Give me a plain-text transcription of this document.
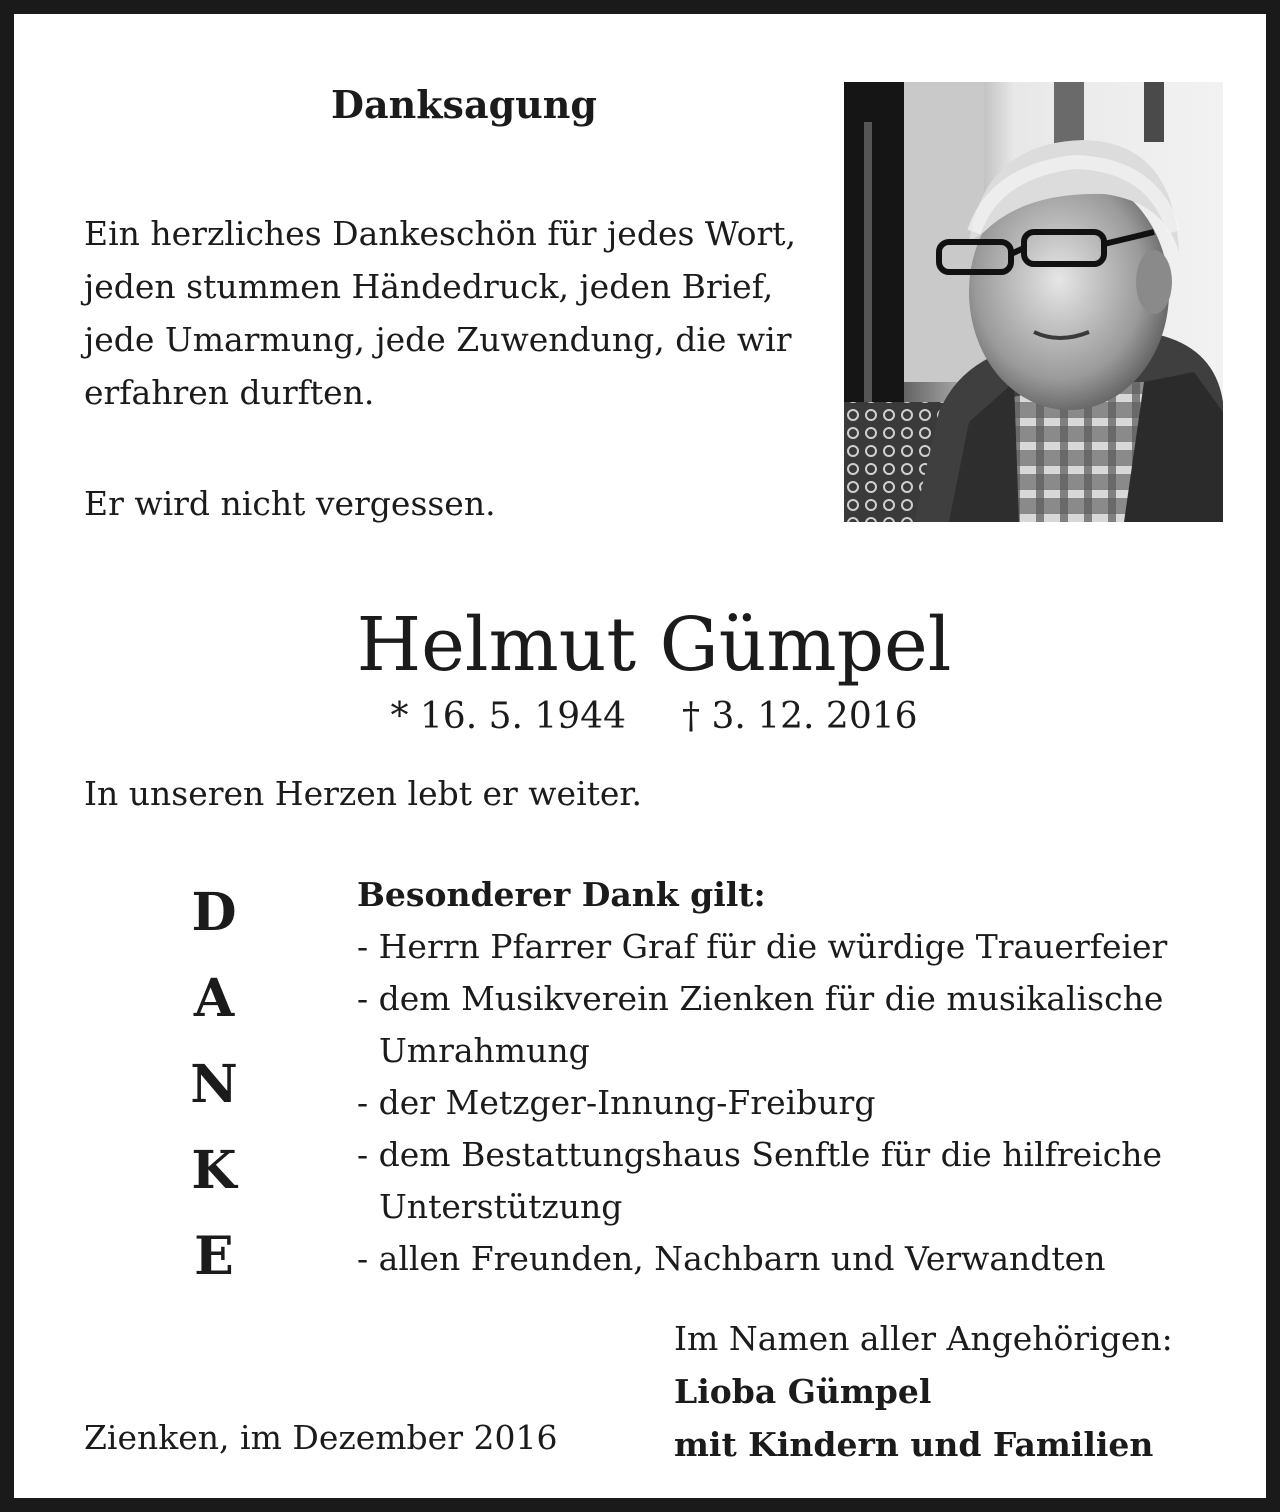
Danksagung
Ein herzliches Dankeschön für jedes Wort,
jeden stummen Händedruck, jeden Brief,
jede Umarmung, jede Zuwendung, die wir
erfahren durften.
Er wird nicht vergessen.
Helmut Gümpel
* 16. 5. 1944 † 3. 12. 2016
In unseren Herzen lebt er weiter.
D
A
N
K
E
Besonderer Dank gilt:
- Herrn Pfarrer Graf für die würdige Trauerfeier
- dem Musikverein Zienken für die musikalische Umrahmung
- der Metzger-Innung-Freiburg
- dem Bestattungshaus Senftle für die hilfreiche Unterstützung
- allen Freunden, Nachbarn und Verwandten
Im Namen aller Angehörigen:
Lioba Gümpel
mit Kindern und Familien
Zienken, im Dezember 2016
